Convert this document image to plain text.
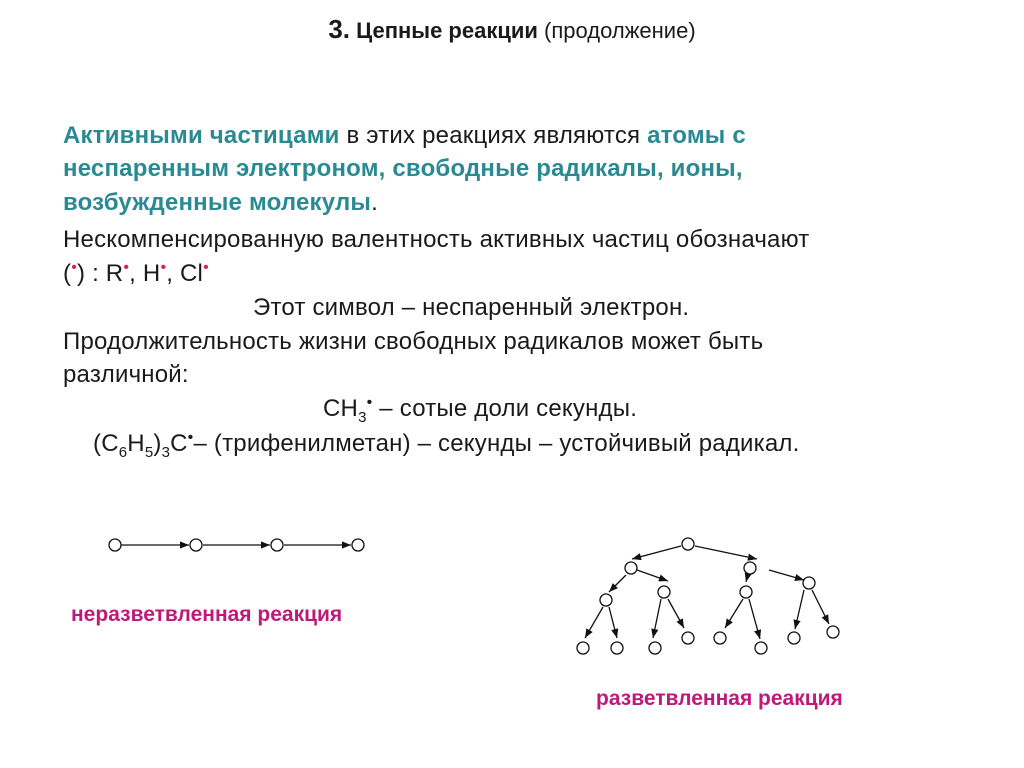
3. Цепные реакции (продолжение)
Активными частицами в этих реакциях являются атомы с
неспаренным электроном, свободные радикалы, ионы,
возбужденные молекулы.
Нескомпенсированную валентность активных частиц обозначают
(•) : R•, H•, Cl•
Этот символ – неспаренный электрон.
Продолжительность жизни свободных радикалов может быть
различной:
$CH_3^•$ – сотые доли секунды.
$(C_6H_5)_3C^•-$ (трифенилметан) – секунды – устойчивый радикал.
неразветвленная реакция
разветвленная реакция
